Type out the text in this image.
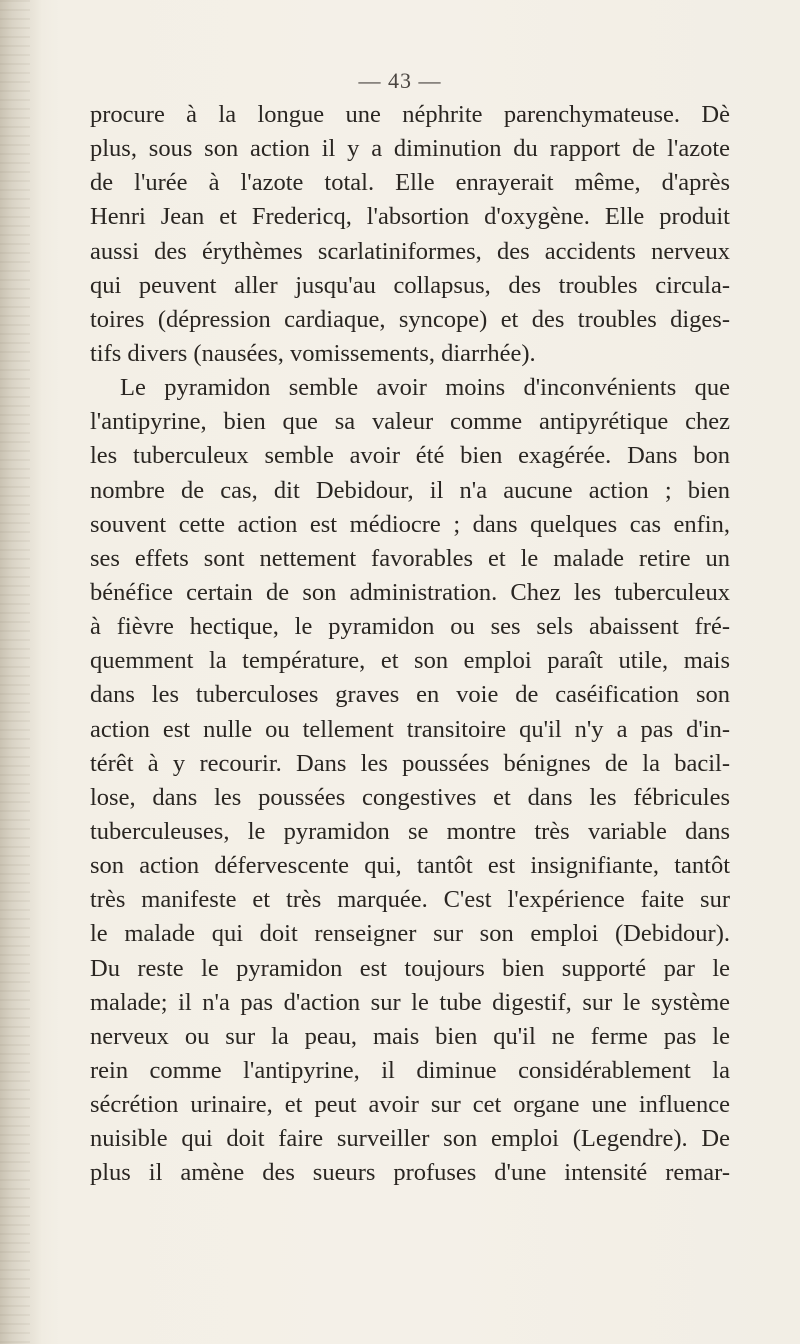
— 43 —
procure à la longue une néphrite parenchymateuse. Dè
plus, sous son action il y a diminution du rapport de l'azote
de l'urée à l'azote total. Elle enrayerait même, d'après
Henri Jean et Fredericq, l'absortion d'oxygène. Elle produit
aussi des érythèmes scarlatiniformes, des accidents nerveux
qui peuvent aller jusqu'au collapsus, des troubles circula-
toires (dépression cardiaque, syncope) et des troubles diges-
tifs divers (nausées, vomissements, diarrhée).
Le pyramidon semble avoir moins d'inconvénients que
l'antipyrine, bien que sa valeur comme antipyrétique chez
les tuberculeux semble avoir été bien exagérée. Dans bon
nombre de cas, dit Debidour, il n'a aucune action ; bien
souvent cette action est médiocre ; dans quelques cas enfin,
ses effets sont nettement favorables et le malade retire un
bénéfice certain de son administration. Chez les tuberculeux
à fièvre hectique, le pyramidon ou ses sels abaissent fré-
quemment la température, et son emploi paraît utile, mais
dans les tuberculoses graves en voie de caséification son
action est nulle ou tellement transitoire qu'il n'y a pas d'in-
térêt à y recourir. Dans les poussées bénignes de la bacil-
lose, dans les poussées congestives et dans les fébricules
tuberculeuses, le pyramidon se montre très variable dans
son action défervescente qui, tantôt est insignifiante, tantôt
très manifeste et très marquée. C'est l'expérience faite sur
le malade qui doit renseigner sur son emploi (Debidour).
Du reste le pyramidon est toujours bien supporté par le
malade; il n'a pas d'action sur le tube digestif, sur le système
nerveux ou sur la peau, mais bien qu'il ne ferme pas le
rein comme l'antipyrine, il diminue considérablement la
sécrétion urinaire, et peut avoir sur cet organe une influence
nuisible qui doit faire surveiller son emploi (Legendre). De
plus il amène des sueurs profuses d'une intensité remar-
